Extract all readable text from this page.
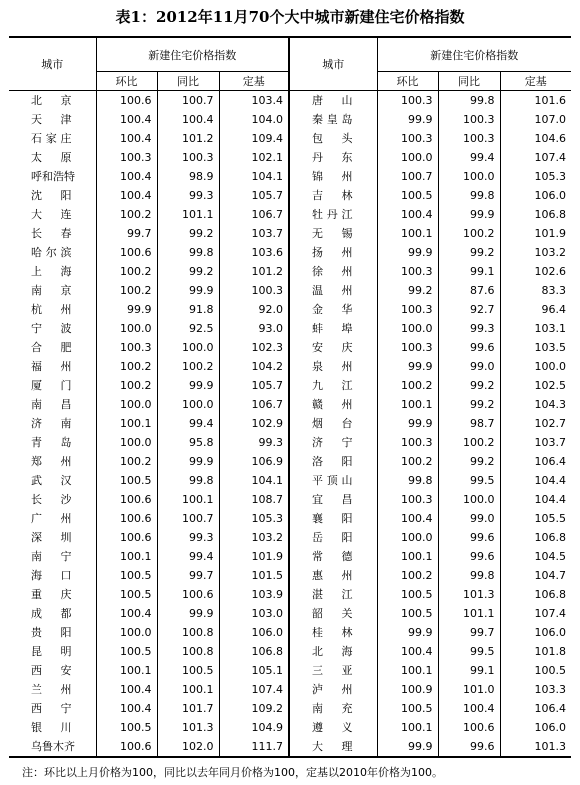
表1：2012年11月70个大中城市新建住宅价格指数
城市	新建住宅价格指数			城市	新建住宅价格指数		
	环比	同比	定基		环比	同比	定基
北京	100.6	100.7	103.4	唐山	100.3	99.8	101.6
天津	100.4	100.4	104.0	秦皇岛	99.9	100.3	107.0
石家庄	100.4	101.2	109.4	包头	100.3	100.3	104.6
太原	100.3	100.3	102.1	丹东	100.0	99.4	107.4
呼和浩特	100.4	98.9	104.1	锦州	100.7	100.0	105.3
沈阳	100.4	99.3	105.7	吉林	100.5	99.8	106.0
大连	100.2	101.1	106.7	牡丹江	100.4	99.9	106.8
长春	99.7	99.2	103.7	无锡	100.1	100.2	101.9
哈尔滨	100.6	99.8	103.6	扬州	99.9	99.2	103.2
上海	100.2	99.2	101.2	徐州	100.3	99.1	102.6
南京	100.2	99.9	100.3	温州	99.2	87.6	83.3
杭州	99.9	91.8	92.0	金华	100.3	92.7	96.4
宁波	100.0	92.5	93.0	蚌埠	100.0	99.3	103.1
合肥	100.3	100.0	102.3	安庆	100.3	99.6	103.5
福州	100.2	100.2	104.2	泉州	99.9	99.0	100.0
厦门	100.2	99.9	105.7	九江	100.2	99.2	102.5
南昌	100.0	100.0	106.7	赣州	100.1	99.2	104.3
济南	100.1	99.4	102.9	烟台	99.9	98.7	102.7
青岛	100.0	95.8	99.3	济宁	100.3	100.2	103.7
郑州	100.2	99.9	106.9	洛阳	100.2	99.2	106.4
武汉	100.5	99.8	104.1	平顶山	99.8	99.5	104.4
长沙	100.6	100.1	108.7	宜昌	100.3	100.0	104.4
广州	100.6	100.7	105.3	襄阳	100.4	99.0	105.5
深圳	100.6	99.3	103.2	岳阳	100.0	99.6	106.8
南宁	100.1	99.4	101.9	常德	100.1	99.6	104.5
海口	100.5	99.7	101.5	惠州	100.2	99.8	104.7
重庆	100.5	100.6	103.9	湛江	100.5	101.3	106.8
成都	100.4	99.9	103.0	韶关	100.5	101.1	107.4
贵阳	100.0	100.8	106.0	桂林	99.9	99.7	106.0
昆明	100.5	100.8	106.8	北海	100.4	99.5	101.8
西安	100.1	100.5	105.1	三亚	100.1	99.1	100.5
兰州	100.4	100.1	107.4	泸州	100.9	101.0	103.3
西宁	100.4	101.7	109.2	南充	100.5	100.4	106.4
银川	100.5	101.3	104.9	遵义	100.1	100.6	106.0
乌鲁木齐	100.6	102.0	111.7	大理	99.9	99.6	101.3
注：环比以上月价格为100，同比以去年同月价格为100，定基以2010年价格为100。
